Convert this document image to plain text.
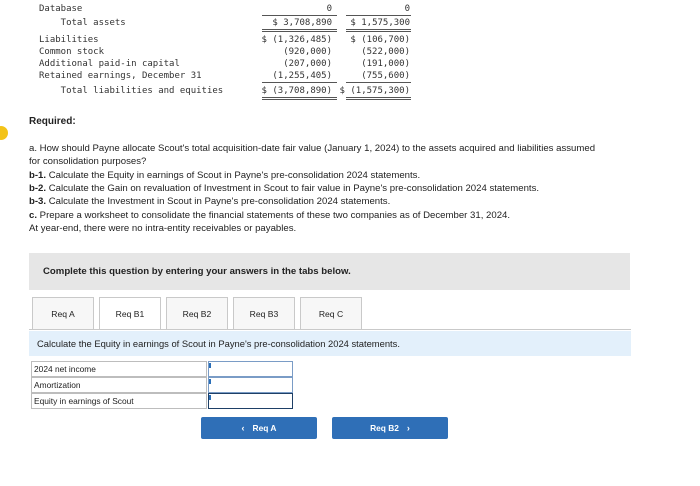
Database	0	0
Total assets	$ 3,708,890 $ 1,575,300
Liabilities	$ (1,326,485) $ (106,700)
Common stock	(920,000)	(522,000)
Additional paid-in capital	(207,000)	(191,000)
Retained earnings, December 31	(1,255,405)	(755,600)
Total liabilities and equities	$ (3,708,890) $ (1,575,300)
Required:
a. How should Payne allocate Scout's total acquisition-date fair value (January 1, 2024) to the assets acquired and liabilities assumed
for consolidation purposes?
b-1. Calculate the Equity in earnings of Scout in Payne's pre-consolidation 2024 statements.
b-2. Calculate the Gain on revaluation of Investment in Scout to fair value in Payne's pre-consolidation 2024 statements.
b-3. Calculate the Investment in Scout in Payne's pre-consolidation 2024 statements.
c. Prepare a worksheet to consolidate the financial statements of these two companies as of December 31, 2024.
At year-end, there were no intra-entity receivables or payables.
Complete this question by entering your answers in the tabs below.
Req A	Req B1	Req B2	Req B3	Req C
Calculate the Equity in earnings of Scout in Payne's pre-consolidation 2024 statements.
2024 net income
Amortization
Equity in earnings of Scout
‹ Req A	Req B2 ›
